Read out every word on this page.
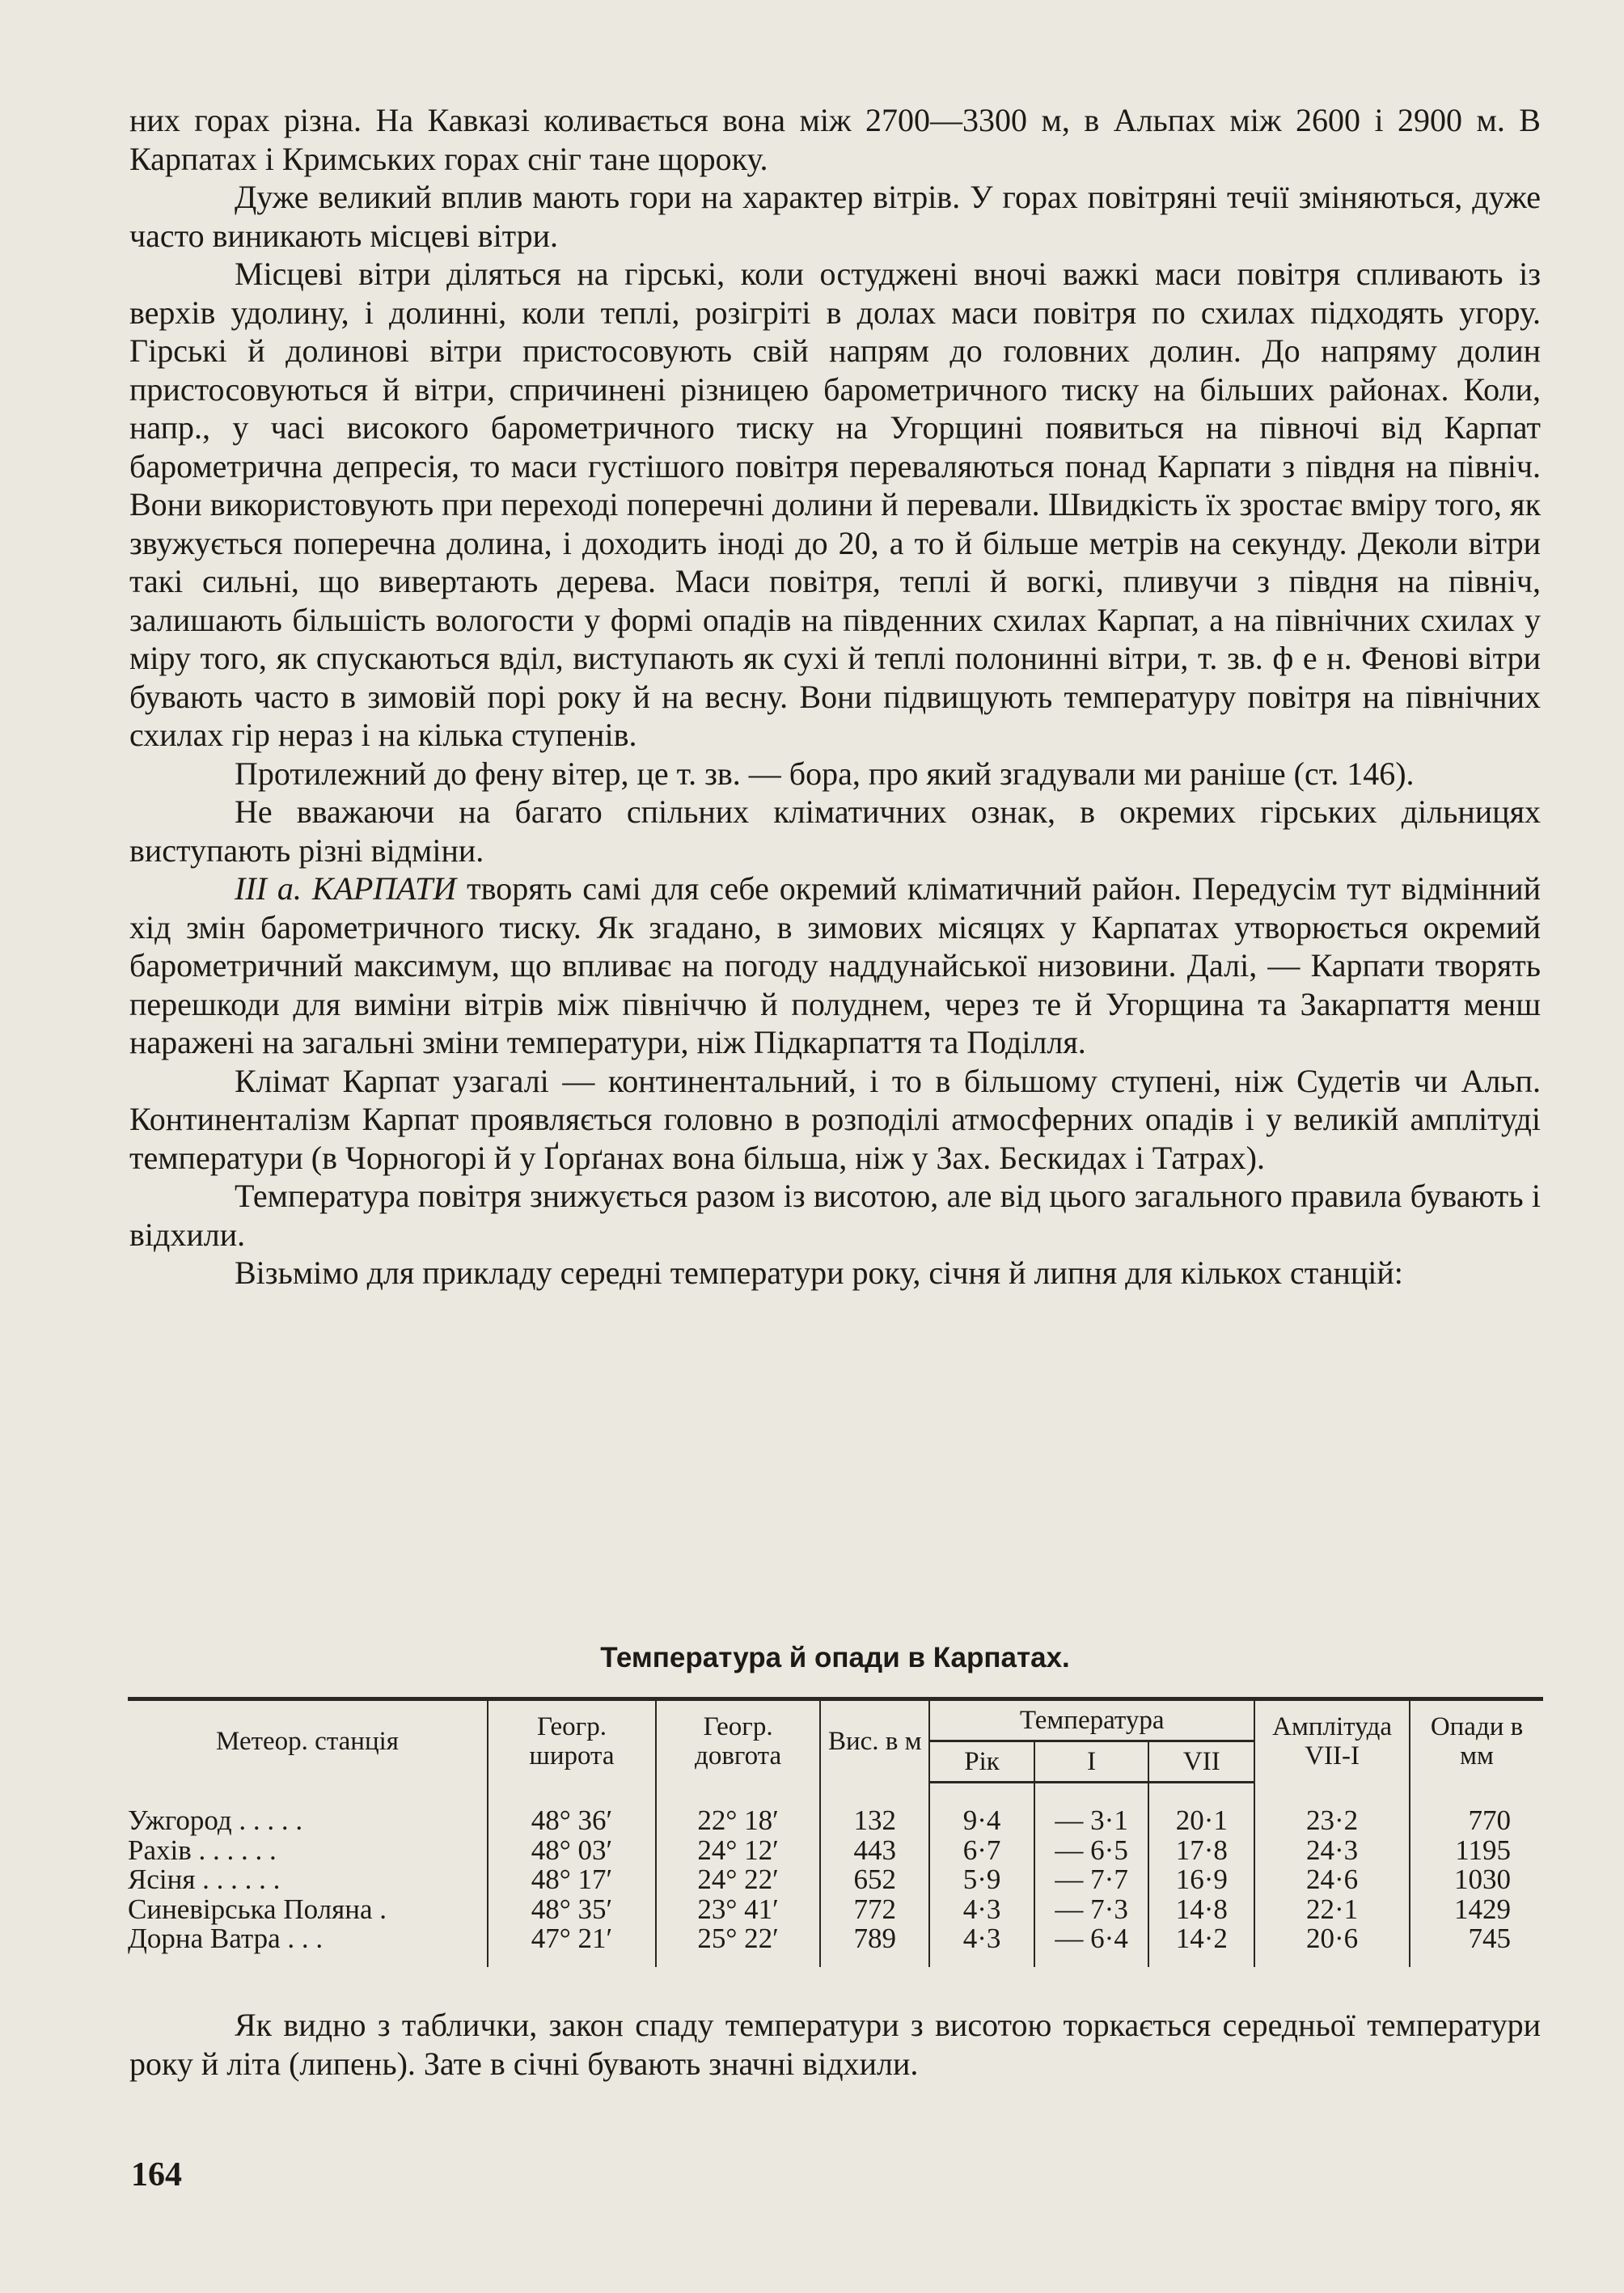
них горах різна. На Кавказі коливається вона між 2700—3300 м, в Альпах між 2600 і 2900 м. В Карпатах і Кримських горах сніг тане щороку.

Дуже великий вплив мають гори на характер вітрів. У горах повітряні течії зміняються, дуже часто виникають місцеві вітри.

Місцеві вітри діляться на гірські, коли остуджені вночі важкі маси повітря спливають із верхів удолину, і долинні, коли теплі, розігріті в долах маси повітря по схилах підходять угору. Гірські й долинові вітри пристосовують свій напрям до головних долин. До напряму долин пристосовуються й вітри, спричинені різницею барометричного тиску на більших районах. Коли, напр., у часі високого барометричного тиску на Угорщині появиться на півночі від Карпат барометрична депресія, то маси густішого повітря переваляються понад Карпати з півдня на північ. Вони використовують при переході поперечні долини й перевали. Швидкість їх зростає вміру того, як звужується поперечна долина, і доходить іноді до 20, а то й більше метрів на секунду. Деколи вітри такі сильні, що вивертають дерева. Маси повітря, теплі й вогкі, пливучи з півдня на північ, залишають більшість вологости у формі опадів на південних схилах Карпат, а на північних схилах у міру того, як спускаються вділ, виступають як сухі й теплі полонинні вітри, т. зв. ф е н. Фенові вітри бувають часто в зимовій порі року й на весну. Вони підвищують температуру повітря на північних схилах гір нераз і на кілька ступенів.

Протилежний до фену вітер, це т. зв. — бора, про який згадували ми раніше (ст. 146).

Не вважаючи на багато спільних кліматичних ознак, в окремих гірських дільницях виступають різні відміни.

III а. КАРПАТИ творять самі для себе окремий кліматичний район. Передусім тут відмінний хід змін барометричного тиску. Як згадано, в зимових місяцях у Карпатах утворюється окремий барометричний максимум, що впливає на погоду наддунайської низовини. Далі, — Карпати творять перешкоди для виміни вітрів між північчю й полуднем, через те й Угорщина та Закарпаття менш наражені на загальні зміни температури, ніж Підкарпаття та Поділля.

Клімат Карпат узагалі — континентальний, і то в більшому ступені, ніж Судетів чи Альп. Континенталізм Карпат проявляється головно в розподілі атмосферних опадів і у великій амплітуді температури (в Чорногорі й у Ґорґанах вона більша, ніж у Зах. Бескидах і Татрах).

Температура повітря знижується разом із висотою, але від цього загального правила бувають і відхили.

Візьмімо для прикладу середні температури року, січня й липня для кількох станцій:

Температура й опади в Карпатах.
Метеор. станція	Геогр. широта	Геогр. довгота	Вис. в м	Температура			Амплітуда VII-I	Опади в мм
				Рік	I	VII		

Ужгород . . . . .	48° 36′	22° 18′	132	9·4	— 3·1	20·1	23·2	770
Рахів . . . . . .	48° 03′	24° 12′	443	6·7	— 6·5	17·8	24·3	1195
Ясіня . . . . . .	48° 17′	24° 22′	652	5·9	— 7·7	16·9	24·6	1030
Синевірська Поляна .	48° 35′	23° 41′	772	4·3	— 7·3	14·8	22·1	1429
Дорна Ватра . . .	47° 21′	25° 22′	789	4·3	— 6·4	14·2	20·6	745

Як видно з таблички, закон спаду температури з висотою торкається середньої температури року й літа (липень). Зате в січні бувають значні відхили.

164
